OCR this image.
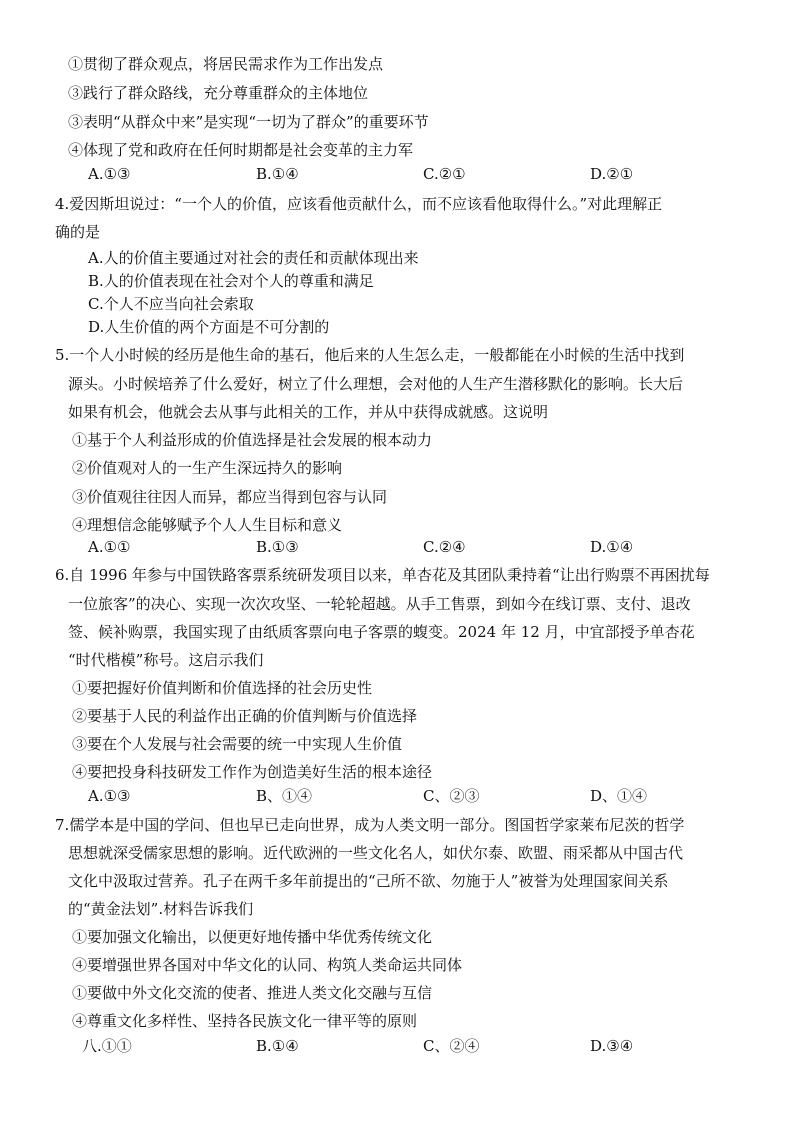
①贯彻了群众观点，将居民需求作为工作出发点
③践行了群众路线，充分尊重群众的主体地位
③表明“从群众中来”是实现“一切为了群众”的重要环节
④体现了党和政府在任何时期都是社会变革的主力军
A.①③	B.①④	C.②①	D.②①
4.爱因斯坦说过：“一个人的价值，应该看他贡献什么，而不应该看他取得什么。”对此理解正
确的是
A.人的价值主要通过对社会的责任和贡献体现出来
B.人的价值表现在社会对个人的尊重和满足
C.个人不应当向社会索取
D.人生价值的两个方面是不可分割的
5.一个人小时候的经历是他生命的基石，他后来的人生怎么走，一般都能在小时候的生活中找到
源头。小时候培养了什么爱好，树立了什么理想，会对他的人生产生潜移默化的影响。长大后
如果有机会，他就会去从事与此相关的工作，并从中获得成就感。这说明
①基于个人利益形成的价值选择是社会发展的根本动力
②价值观对人的一生产生深远持久的影响
③价值观往往因人而异，都应当得到包容与认同
④理想信念能够赋予个人人生目标和意义
A.①①	B.①③	C.②④	D.①④
6.自 1996 年参与中国铁路客票系统研发项目以来，单杏花及其团队秉持着“让出行购票不再困扰每
一位旅客”的决心、实现一次次攻坚、一轮轮超越。从手工售票，到如今在线订票、支付、退改
签、候补购票，我国实现了由纸质客票向电子客票的蝮变。2024 年 12 月，中宜部授予单杏花
“时代楷模”称号。这启示我们
①要把握好价值判断和价值选择的社会历史性
②要基于人民的利益作出正确的价值判断与价值选择
③要在个人发展与社会需要的统一中实现人生价值
④要把投身科技研发工作作为创造美好生活的根本途径
A.①③	B、①④	C、②③	D、①④
7.儒学本是中国的学问、但也早已走向世界，成为人类文明一部分。图国哲学家莱布尼茨的哲学
思想就深受儒家思想的影响。近代欧洲的一些文化名人，如伏尔泰、欧盟、雨采都从中国古代
文化中汲取过营养。孔子在两千多年前提出的“己所不欲、勿施于人”被誉为处理国家间关系
的“黄金法划”.材料告诉我们
①要加强文化输出，以便更好地传播中华优秀传统文化
④要增强世界各国对中华文化的认同、构筑人类命运共同体
①要做中外文化交流的使者、推进人类文化交融与互信
④尊重文化多样性、坚持各民族文化一律平等的原则
八.①①	B.①④	C、②④	D.③④
